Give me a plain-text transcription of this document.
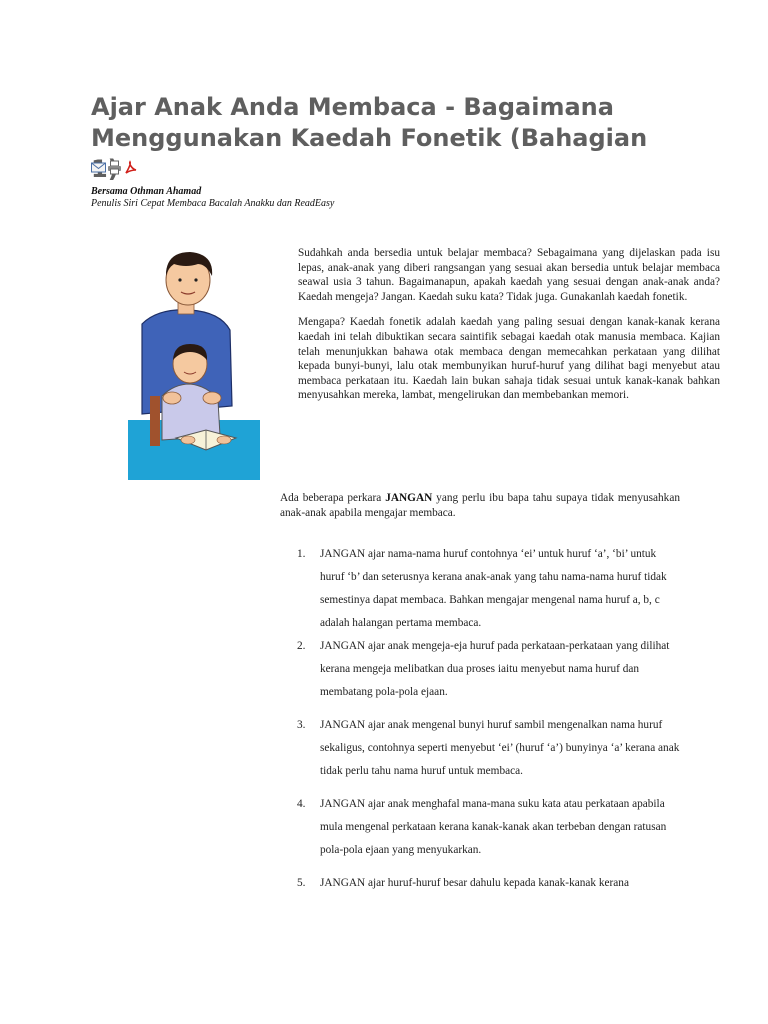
Ajar Anak Anda Membaca - Bagaimana Menggunakan Kaedah Fonetik (Bahagian
Bersama Othman Ahamad
Penulis Siri Cepat Membaca Bacalah Anakku dan ReadEasy

Sudahkah anda bersedia untuk belajar membaca? Sebagaimana yang dijelaskan pada isu lepas, anak-anak yang diberi rangsangan yang sesuai akan bersedia untuk belajar membaca seawal usia 3 tahun. Bagaimanapun, apakah kaedah yang sesuai dengan anak-anak anda? Kaedah mengeja? Jangan. Kaedah suku kata? Tidak juga. Gunakanlah kaedah fonetik.

Mengapa? Kaedah fonetik adalah kaedah yang paling sesuai dengan kanak-kanak kerana kaedah ini telah dibuktikan secara saintifik sebagai kaedah otak manusia membaca. Kajian telah menunjukkan bahawa otak membaca dengan memecahkan perkataan yang dilihat kepada bunyi-bunyi, lalu otak membunyikan huruf-huruf yang dilihat bagi menyebut atau membaca perkataan itu. Kaedah lain bukan sahaja tidak sesuai untuk kanak-kanak bahkan menyusahkan mereka, lambat, mengelirukan dan membebankan memori.

Ada beberapa perkara JANGAN yang perlu ibu bapa tahu supaya tidak menyusahkan anak-anak apabila mengajar membaca.

1. JANGAN ajar nama-nama huruf contohnya ‘ei’ untuk huruf ‘a’, ‘bi’ untuk huruf ‘b’ dan seterusnya kerana anak-anak yang tahu nama-nama huruf tidak semestinya dapat membaca. Bahkan mengajar mengenal nama huruf a, b, c adalah halangan pertama membaca.
2. JANGAN ajar anak mengeja-eja huruf pada perkataan-perkataan yang dilihat kerana mengeja melibatkan dua proses iaitu menyebut nama huruf dan membatang pola-pola ejaan.
3. JANGAN ajar anak mengenal bunyi huruf sambil mengenalkan nama huruf sekaligus, contohnya seperti menyebut ‘ei’ (huruf ‘a’) bunyinya ‘a’ kerana anak tidak perlu tahu nama huruf untuk membaca.
4. JANGAN ajar anak menghafal mana-mana suku kata atau perkataan apabila mula mengenal perkataan kerana kanak-kanak akan terbeban dengan ratusan pola-pola ejaan yang menyukarkan.
5. JANGAN ajar huruf-huruf besar dahulu kepada kanak-kanak kerana
